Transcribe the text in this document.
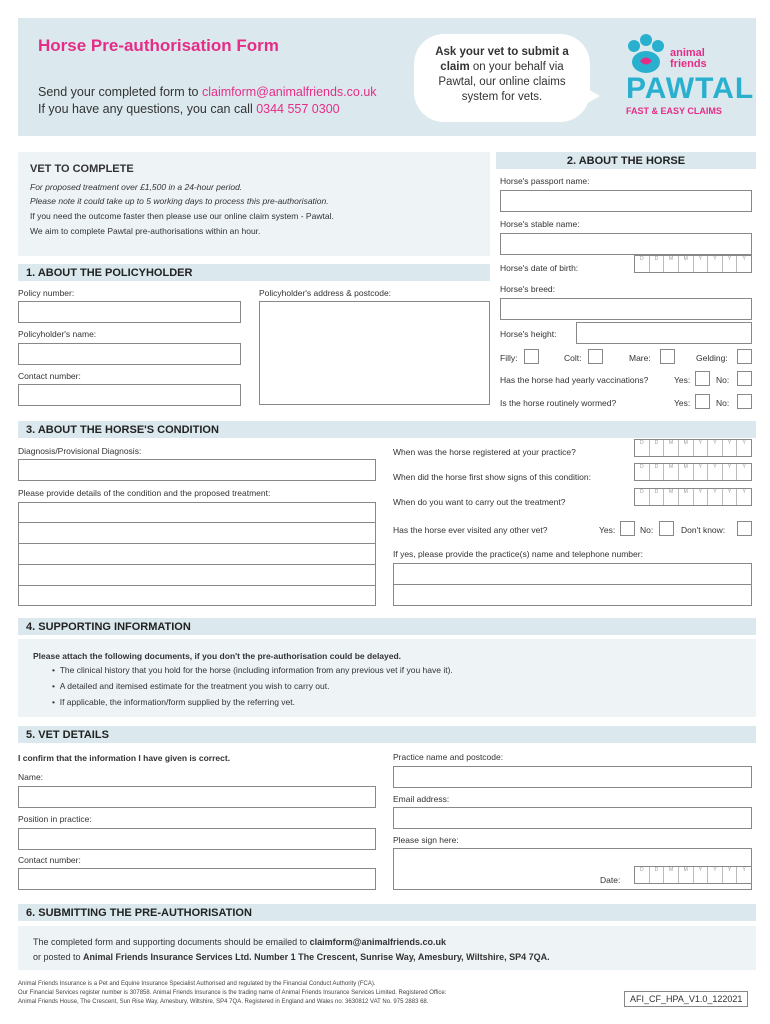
Horse Pre-authorisation Form
Send your completed form to claimform@animalfriends.co.uk
If you have any questions, you can call 0344 557 0300
Ask your vet to submit a claim on your behalf via Pawtal, our online claims system for vets.
animal friends
PAWTAL
FAST & EASY CLAIMS
VET TO COMPLETE
For proposed treatment over £1,500 in a 24-hour period.
Please note it could take up to 5 working days to process this pre-authorisation.
If you need the outcome faster then please use our online claim system - Pawtal.
We aim to complete Pawtal pre-authorisations within an hour.
2. ABOUT THE HORSE
Horse's passport name:
Horse's stable name:
Horse's date of birth:
D	D	M	M	Y	Y	Y	Y
Horse's breed:
Horse's height:
Filly:	Colt:	Mare:	Gelding:
Has the horse had yearly vaccinations?	Yes:	No:
Is the horse routinely wormed?	Yes:	No:
1. ABOUT THE POLICYHOLDER
Policy number:	Policyholder's address & postcode:
Policyholder's name:
Contact number:
3. ABOUT THE HORSE'S CONDITION
Diagnosis/Provisional Diagnosis:
Please provide details of the condition and the proposed treatment:
When was the horse registered at your practice?
D	D	M	M	Y	Y	Y	Y
When did the horse first show signs of this condition:
D	D	M	M	Y	Y	Y	Y
When do you want to carry out the treatment?
D	D	M	M	Y	Y	Y	Y
Has the horse ever visited any other vet?	Yes:	No:	Don't know:
If yes, please provide the practice(s) name and telephone number:
4. SUPPORTING INFORMATION
Please attach the following documents, if you don't the pre-authorisation could be delayed.
•  The clinical history that you hold for the horse (including information from any previous vet if you have it).
•  A detailed and itemised estimate for the treatment you wish to carry out.
•  If applicable, the information/form supplied by the referring vet.
5. VET DETAILS
I confirm that the information I have given is correct.
Name:
Position in practice:
Contact number:
Practice name and postcode:
Email address:
Please sign here:
Date:
D	D	M	M	Y	Y	Y	Y
6. SUBMITTING THE PRE-AUTHORISATION
The completed form and supporting documents should be emailed to claimform@animalfriends.co.uk
or posted to Animal Friends Insurance Services Ltd. Number 1 The Crescent, Sunrise Way, Amesbury, Wiltshire, SP4 7QA.
Animal Friends Insurance is a Pet and Equine Insurance Specialist Authorised and regulated by the Financial Conduct Authority (FCA).
Our Financial Services register number is 307858. Animal Friends Insurance is the trading name of Animal Friends Insurance Services Limited. Registered Office:
Animal Friends House, The Crescent, Sun Rise Way, Amesbury, Wiltshire, SP4 7QA. Registered in England and Wales no: 3630812 VAT No. 975 2883 68.	AFI_CF_HPA_V1.0_122021
